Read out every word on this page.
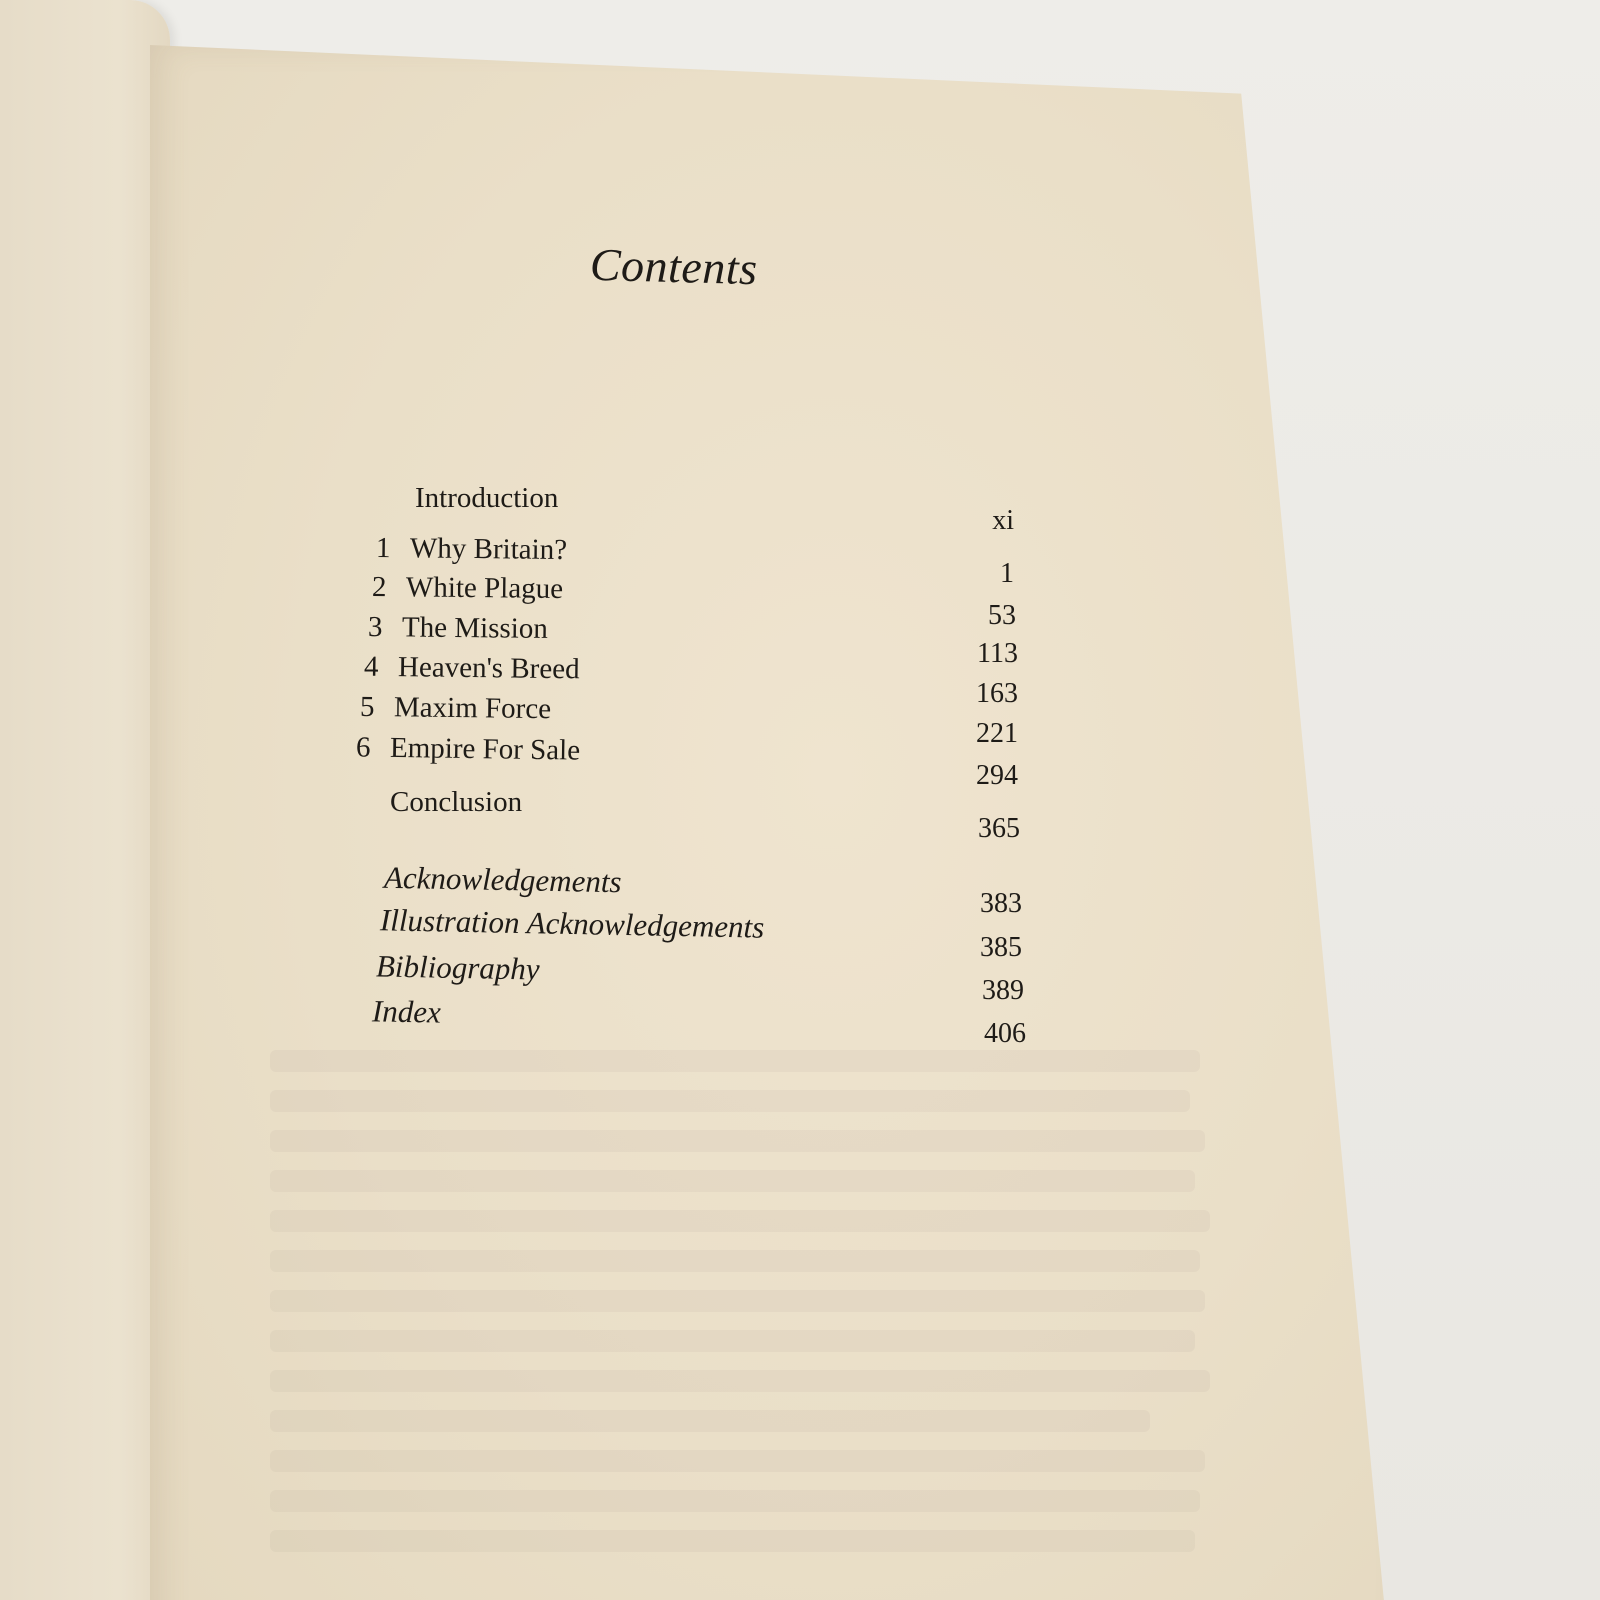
Contents
Introduction
xi
1 Why Britain?
1
2 White Plague
53
3 The Mission
113
4 Heaven's Breed
163
5 Maxim Force
221
6 Empire For Sale
294
Conclusion
365
Acknowledgements
383
Illustration Acknowledgements
385
Bibliography
389
Index
406
